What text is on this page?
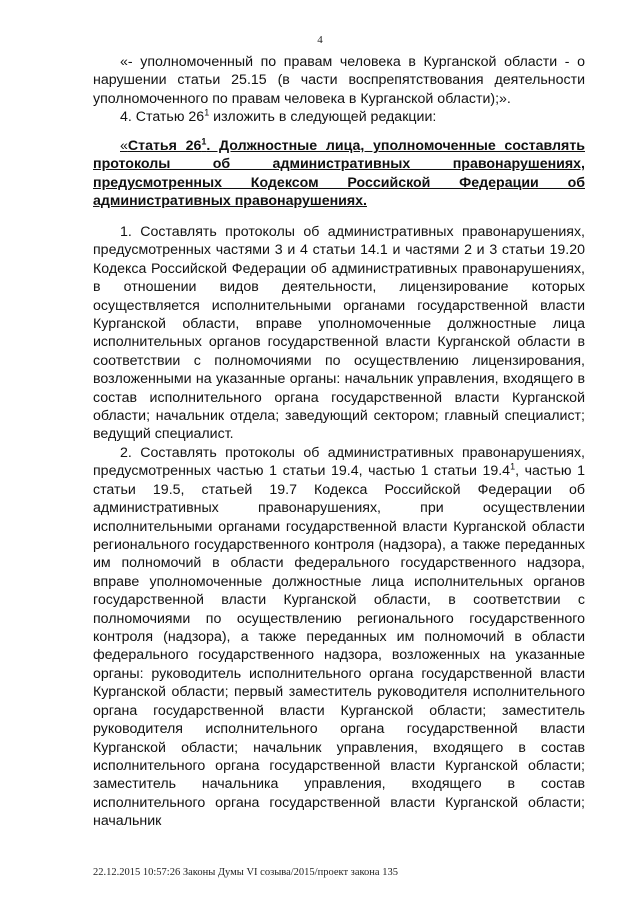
4

«- уполномоченный по правам человека в Курганской области - о нарушении статьи 25.15 (в части воспрепятствования деятельности уполномоченного по правам человека в Курганской области);».

4. Статью $26^1$ изложить в следующей редакции:

«Статья $26^1$. Должностные лица, уполномоченные составлять протоколы об административных правонарушениях, предусмотренных Кодексом Российской Федерации об административных правонарушениях.

1. Составлять протоколы об административных правонарушениях, предусмотренных частями 3 и 4 статьи 14.1 и частями 2 и 3 статьи 19.20 Кодекса Российской Федерации об административных правонарушениях, в отношении видов деятельности, лицензирование которых осуществляется исполнительными органами государственной власти Курганской области, вправе уполномоченные должностные лица исполнительных органов государственной власти Курганской области в соответствии с полномочиями по осуществлению лицензирования, возложенными на указанные органы: начальник управления, входящего в состав исполнительного органа государственной власти Курганской области; начальник отдела; заведующий сектором; главный специалист; ведущий специалист.

2. Составлять протоколы об административных правонарушениях, предусмотренных частью 1 статьи 19.4, частью 1 статьи 19.4$^1$, частью 1 статьи 19.5, статьей 19.7 Кодекса Российской Федерации об административных правонарушениях, при осуществлении исполнительными органами государственной власти Курганской области регионального государственного контроля (надзора), а также переданных им полномочий в области федерального государственного надзора, вправе уполномоченные должностные лица исполнительных органов государственной власти Курганской области, в соответствии с полномочиями по осуществлению регионального государственного контроля (надзора), а также переданных им полномочий в области федерального государственного надзора, возложенных на указанные органы: руководитель исполнительного органа государственной власти Курганской области; первый заместитель руководителя исполнительного органа государственной власти Курганской области; заместитель руководителя исполнительного органа государственной власти Курганской области; начальник управления, входящего в состав исполнительного органа государственной власти Курганской области; заместитель начальника управления, входящего в состав исполнительного органа государственной власти Курганской области; начальник

22.12.2015 10:57:26 Законы Думы VI созыва/2015/проект закона 135
